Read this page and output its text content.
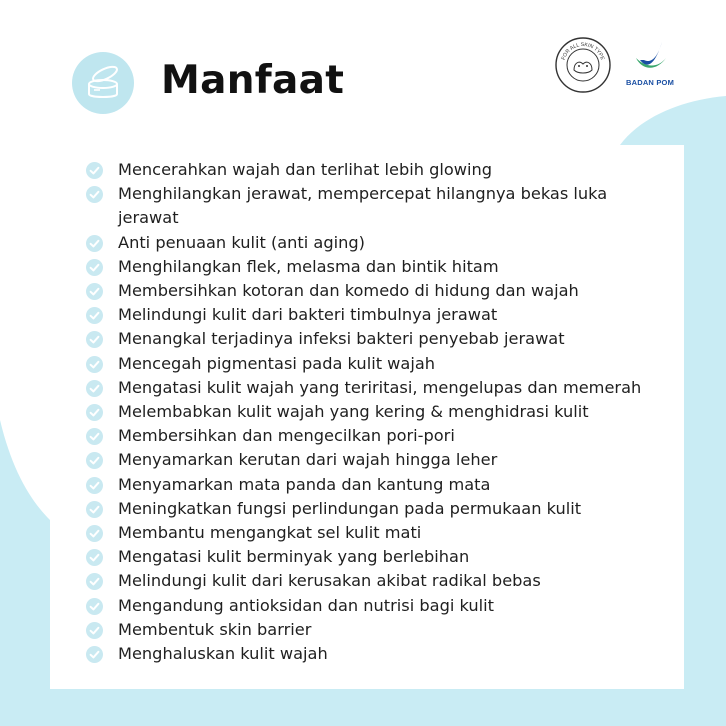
Manfaat	FOR ALL SKIN TYPE
BADAN POM
Mencerahkan wajah dan terlihat lebih glowing
Menghilangkan jerawat, mempercepat hilangnya bekas luka jerawat
Anti penuaan kulit (anti aging)
Menghilangkan flek, melasma dan bintik hitam
Membersihkan kotoran dan komedo di hidung dan wajah
Melindungi kulit dari bakteri timbulnya jerawat
Menangkal terjadinya infeksi bakteri penyebab jerawat
Mencegah pigmentasi pada kulit wajah
Mengatasi kulit wajah yang teriritasi, mengelupas dan memerah
Melembabkan kulit wajah yang kering & menghidrasi kulit
Membersihkan dan mengecilkan pori-pori
Menyamarkan kerutan dari wajah hingga leher
Menyamarkan mata panda dan kantung mata
Meningkatkan fungsi perlindungan pada permukaan kulit
Membantu mengangkat sel kulit mati
Mengatasi kulit berminyak yang berlebihan
Melindungi kulit dari kerusakan akibat radikal bebas
Mengandung antioksidan dan nutrisi bagi kulit
Membentuk skin barrier
Menghaluskan kulit wajah
